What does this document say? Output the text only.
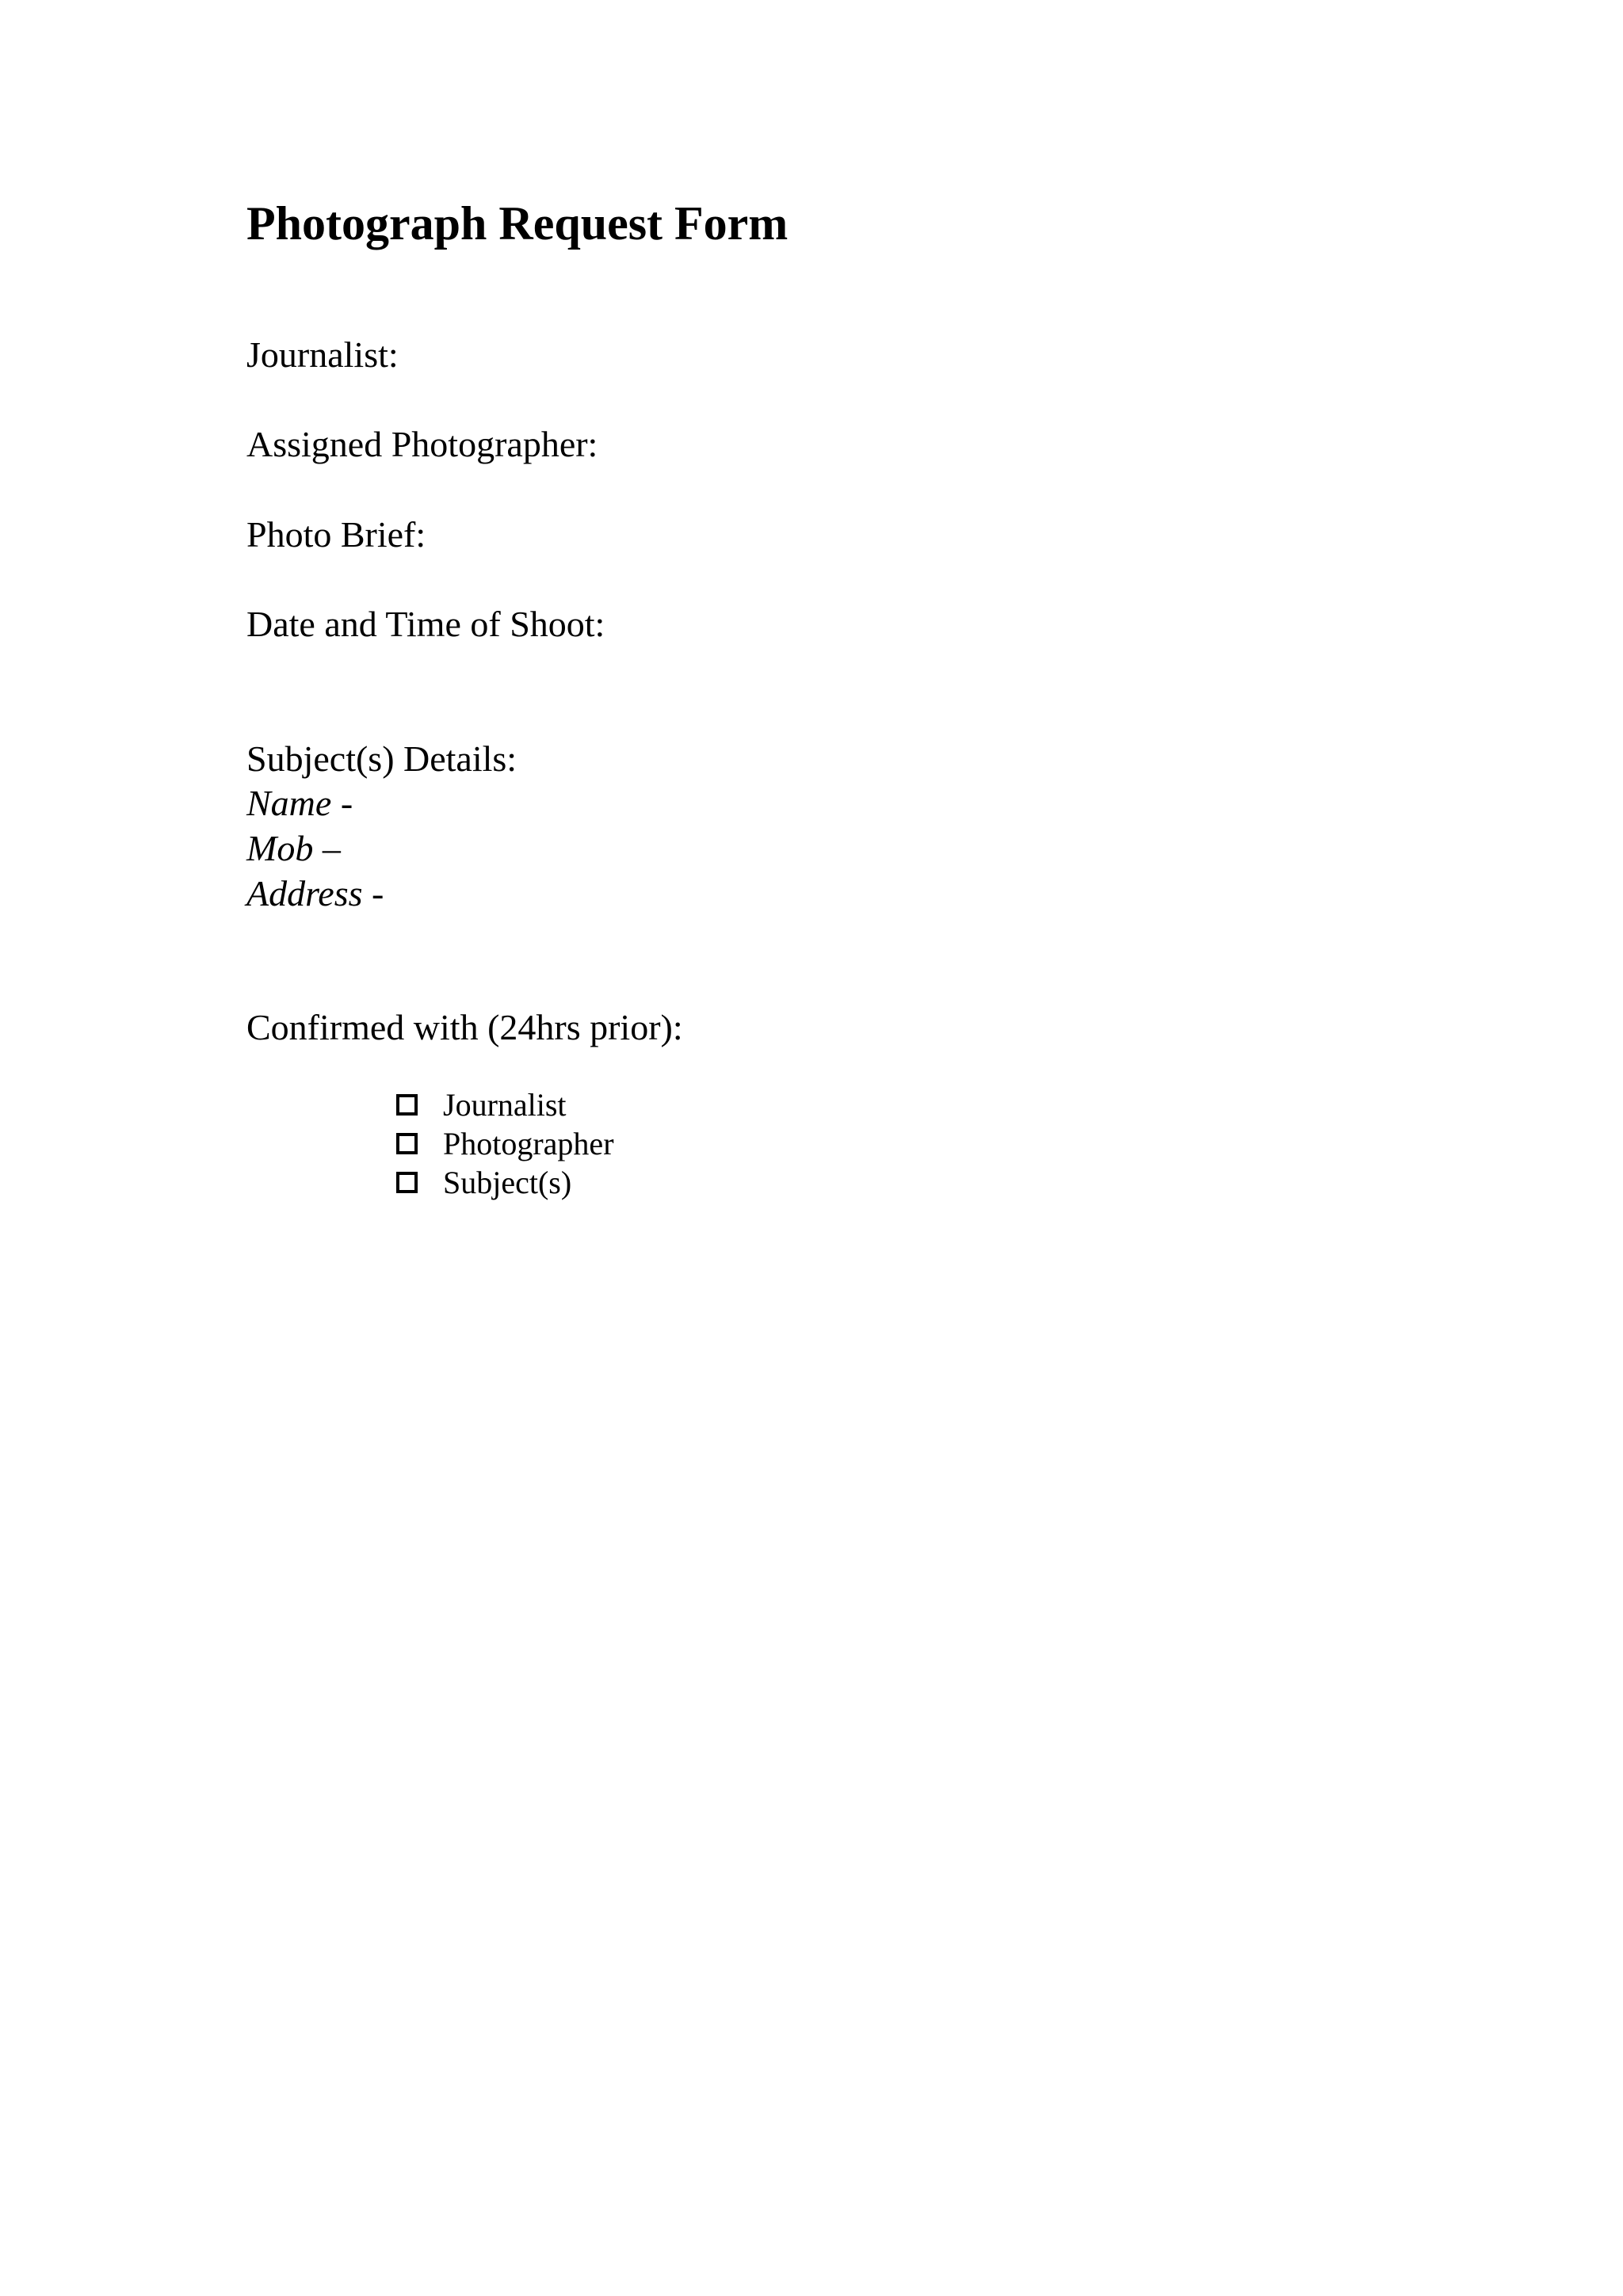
Photograph Request Form

Journalist:

Assigned Photographer:

Photo Brief:

Date and Time of Shoot:

Subject(s) Details:

Name -

Mob –

Address -

Confirmed with (24hrs prior):

Journalist
Photographer
Subject(s)
